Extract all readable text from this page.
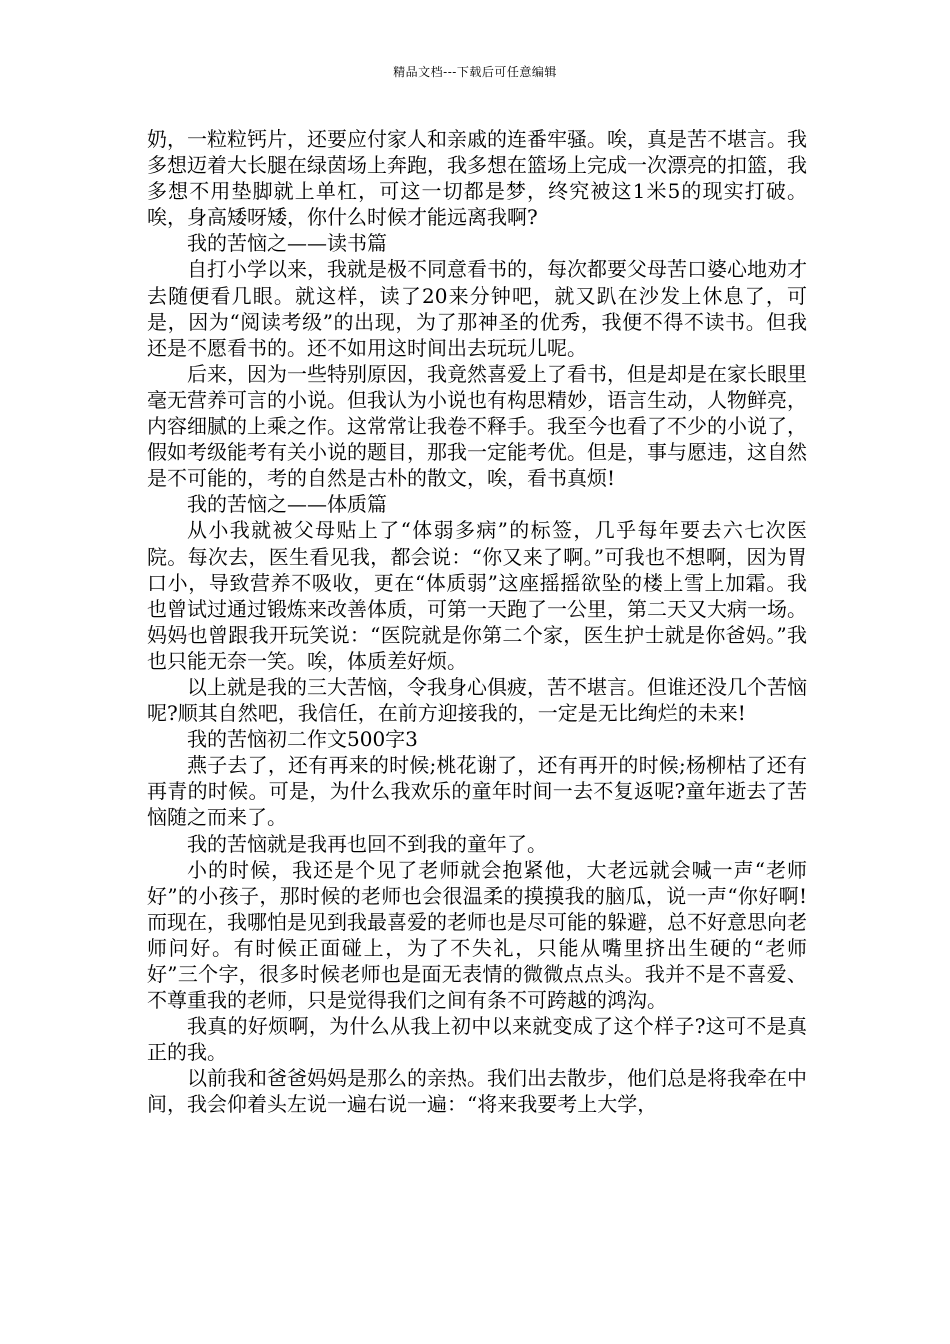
精品文档---下载后可任意编辑

奶，一粒粒钙片，还要应付家人和亲戚的连番牢骚。唉，真是苦不堪言。我多想迈着大长腿在绿茵场上奔跑，我多想在篮场上完成一次漂亮的扣篮，我多想不用垫脚就上单杠，可这一切都是梦，终究被这1米5的现实打破。唉，身高矮呀矮，你什么时候才能远离我啊?

我的苦恼之——读书篇

自打小学以来，我就是极不同意看书的，每次都要父母苦口婆心地劝才去随便看几眼。就这样，读了20来分钟吧，就又趴在沙发上休息了，可是，因为“阅读考级”的出现，为了那神圣的优秀，我便不得不读书。但我还是不愿看书的。还不如用这时间出去玩玩儿呢。

后来，因为一些特别原因，我竟然喜爱上了看书，但是却是在家长眼里毫无营养可言的小说。但我认为小说也有构思精妙，语言生动，人物鲜亮，内容细腻的上乘之作。这常常让我卷不释手。我至今也看了不少的小说了，假如考级能考有关小说的题目，那我一定能考优。但是，事与愿违，这自然是不可能的，考的自然是古朴的散文，唉，看书真烦!

我的苦恼之——体质篇

从小我就被父母贴上了“体弱多病”的标签，几乎每年要去六七次医院。每次去，医生看见我，都会说：“你又来了啊。”可我也不想啊，因为胃口小，导致营养不吸收，更在“体质弱”这座摇摇欲坠的楼上雪上加霜。我也曾试过通过锻炼来改善体质，可第一天跑了一公里，第二天又大病一场。妈妈也曾跟我开玩笑说：“医院就是你第二个家，医生护士就是你爸妈。”我也只能无奈一笑。唉，体质差好烦。

以上就是我的三大苦恼，令我身心俱疲，苦不堪言。但谁还没几个苦恼呢?顺其自然吧，我信任，在前方迎接我的，一定是无比绚烂的未来!

我的苦恼初二作文500字3

燕子去了，还有再来的时候;桃花谢了，还有再开的时候;杨柳枯了还有再青的时候。可是，为什么我欢乐的童年时间一去不复返呢?童年逝去了苦恼随之而来了。

我的苦恼就是我再也回不到我的童年了。

小的时候，我还是个见了老师就会抱紧他，大老远就会喊一声“老师好”的小孩子，那时候的老师也会很温柔的摸摸我的脑瓜，说一声“你好啊!而现在，我哪怕是见到我最喜爱的老师也是尽可能的躲避，总不好意思向老师问好。有时候正面碰上，为了不失礼，只能从嘴里挤出生硬的“老师好”三个字，很多时候老师也是面无表情的微微点点头。我并不是不喜爱、不尊重我的老师，只是觉得我们之间有条不可跨越的鸿沟。

我真的好烦啊，为什么从我上初中以来就变成了这个样子?这可不是真正的我。

以前我和爸爸妈妈是那么的亲热。我们出去散步，他们总是将我牵在中间，我会仰着头左说一遍右说一遍：“将来我要考上大学，
